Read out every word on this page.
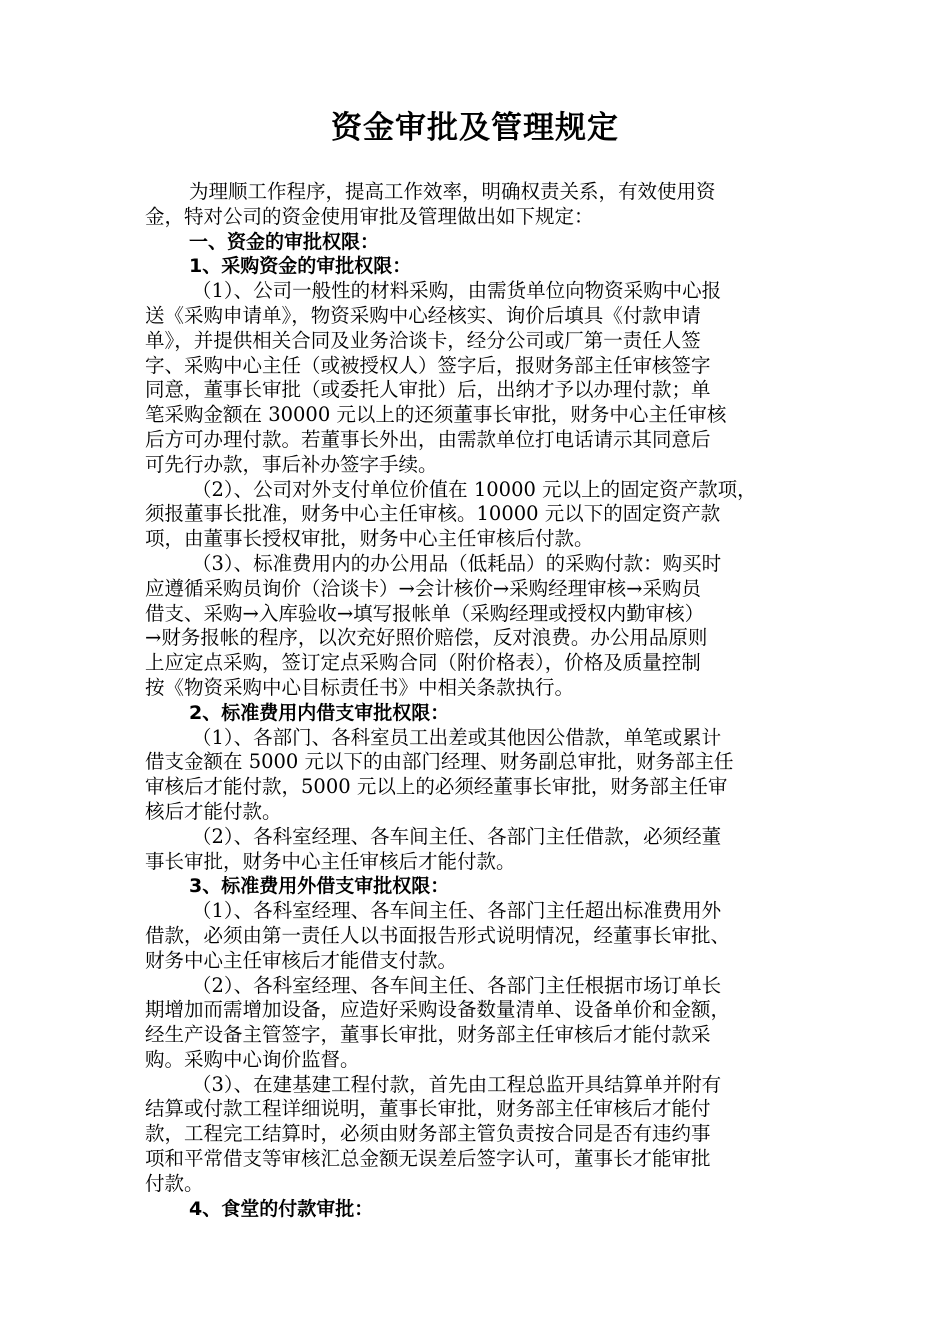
资金审批及管理规定
为理顺工作程序，提高工作效率，明确权责关系，有效使用资
金，特对公司的资金使用审批及管理做出如下规定：
一、资金的审批权限：
1、采购资金的审批权限：
（1）、公司一般性的材料采购，由需货单位向物资采购中心报
送《采购申请单》，物资采购中心经核实、询价后填具《付款申请
单》，并提供相关合同及业务洽谈卡，经分公司或厂第一责任人签
字、采购中心主任（或被授权人）签字后，报财务部主任审核签字
同意，董事长审批（或委托人审批）后，出纳才予以办理付款；单
笔采购金额在 30000 元以上的还须董事长审批，财务中心主任审核
后方可办理付款。若董事长外出，由需款单位打电话请示其同意后
可先行办款，事后补办签字手续。
（2）、公司对外支付单位价值在 10000 元以上的固定资产款项，
须报董事长批准，财务中心主任审核。10000 元以下的固定资产款
项，由董事长授权审批，财务中心主任审核后付款。
（3）、标准费用内的办公用品（低耗品）的采购付款：购买时
应遵循采购员询价（洽谈卡）→会计核价→采购经理审核→采购员
借支、采购→入库验收→填写报帐单（采购经理或授权内勤审核）
→财务报帐的程序，以次充好照价赔偿，反对浪费。办公用品原则
上应定点采购，签订定点采购合同（附价格表），价格及质量控制
按《物资采购中心目标责任书》中相关条款执行。
2、标准费用内借支审批权限：
（1）、各部门、各科室员工出差或其他因公借款，单笔或累计
借支金额在 5000 元以下的由部门经理、财务副总审批，财务部主任
审核后才能付款，5000 元以上的必须经董事长审批，财务部主任审
核后才能付款。
（2）、各科室经理、各车间主任、各部门主任借款，必须经董
事长审批，财务中心主任审核后才能付款。
3、标准费用外借支审批权限：
（1）、各科室经理、各车间主任、各部门主任超出标准费用外
借款，必须由第一责任人以书面报告形式说明情况，经董事长审批、
财务中心主任审核后才能借支付款。
（2）、各科室经理、各车间主任、各部门主任根据市场订单长
期增加而需增加设备，应造好采购设备数量清单、设备单价和金额，
经生产设备主管签字，董事长审批，财务部主任审核后才能付款采
购。采购中心询价监督。
（3）、在建基建工程付款，首先由工程总监开具结算单并附有
结算或付款工程详细说明，董事长审批，财务部主任审核后才能付
款，工程完工结算时，必须由财务部主管负责按合同是否有违约事
项和平常借支等审核汇总金额无误差后签字认可，董事长才能审批
付款。
4、食堂的付款审批：
